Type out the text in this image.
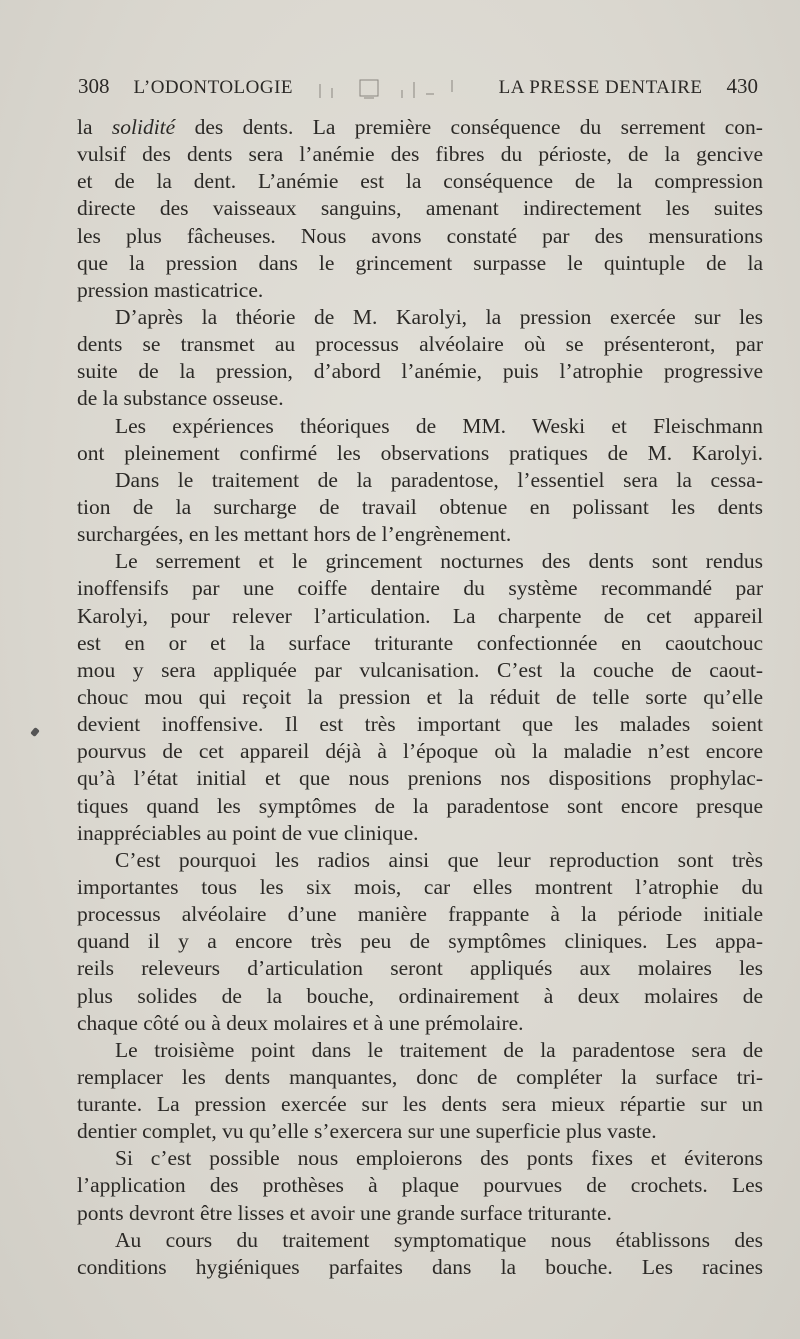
308 L’ODONTOLOGIE	LA PRESSE DENTAIRE 430
la solidité des dents. La première conséquence du serrement con-
vulsif des dents sera l’anémie des fibres du périoste, de la gencive
et de la dent. L’anémie est la conséquence de la compression
directe des vaisseaux sanguins, amenant indirectement les suites
les plus fâcheuses. Nous avons constaté par des mensurations
que la pression dans le grincement surpasse le quintuple de la
pression masticatrice.
D’après la théorie de M. Karolyi, la pression exercée sur les
dents se transmet au processus alvéolaire où se présenteront, par
suite de la pression, d’abord l’anémie, puis l’atrophie progressive
de la substance osseuse.
Les expériences théoriques de MM. Weski et Fleischmann
ont pleinement confirmé les observations pratiques de M. Karolyi.
Dans le traitement de la paradentose, l’essentiel sera la cessa-
tion de la surcharge de travail obtenue en polissant les dents
surchargées, en les mettant hors de l’engrènement.
Le serrement et le grincement nocturnes des dents sont rendus
inoffensifs par une coiffe dentaire du système recommandé par
Karolyi, pour relever l’articulation. La charpente de cet appareil
est en or et la surface triturante confectionnée en caoutchouc
mou y sera appliquée par vulcanisation. C’est la couche de caout-
chouc mou qui reçoit la pression et la réduit de telle sorte qu’elle
devient inoffensive. Il est très important que les malades soient
pourvus de cet appareil déjà à l’époque où la maladie n’est encore
qu’à l’état initial et que nous prenions nos dispositions prophylac-
tiques quand les symptômes de la paradentose sont encore presque
inappréciables au point de vue clinique.
C’est pourquoi les radios ainsi que leur reproduction sont très
importantes tous les six mois, car elles montrent l’atrophie du
processus alvéolaire d’une manière frappante à la période initiale
quand il y a encore très peu de symptômes cliniques. Les appa-
reils releveurs d’articulation seront appliqués aux molaires les
plus solides de la bouche, ordinairement à deux molaires de
chaque côté ou à deux molaires et à une prémolaire.
Le troisième point dans le traitement de la paradentose sera de
remplacer les dents manquantes, donc de compléter la surface tri-
turante. La pression exercée sur les dents sera mieux répartie sur un
dentier complet, vu qu’elle s’exercera sur une superficie plus vaste.
Si c’est possible nous emploierons des ponts fixes et éviterons
l’application des prothèses à plaque pourvues de crochets. Les
ponts devront être lisses et avoir une grande surface triturante.
Au cours du traitement symptomatique nous établissons des
conditions hygiéniques parfaites dans la bouche. Les racines
